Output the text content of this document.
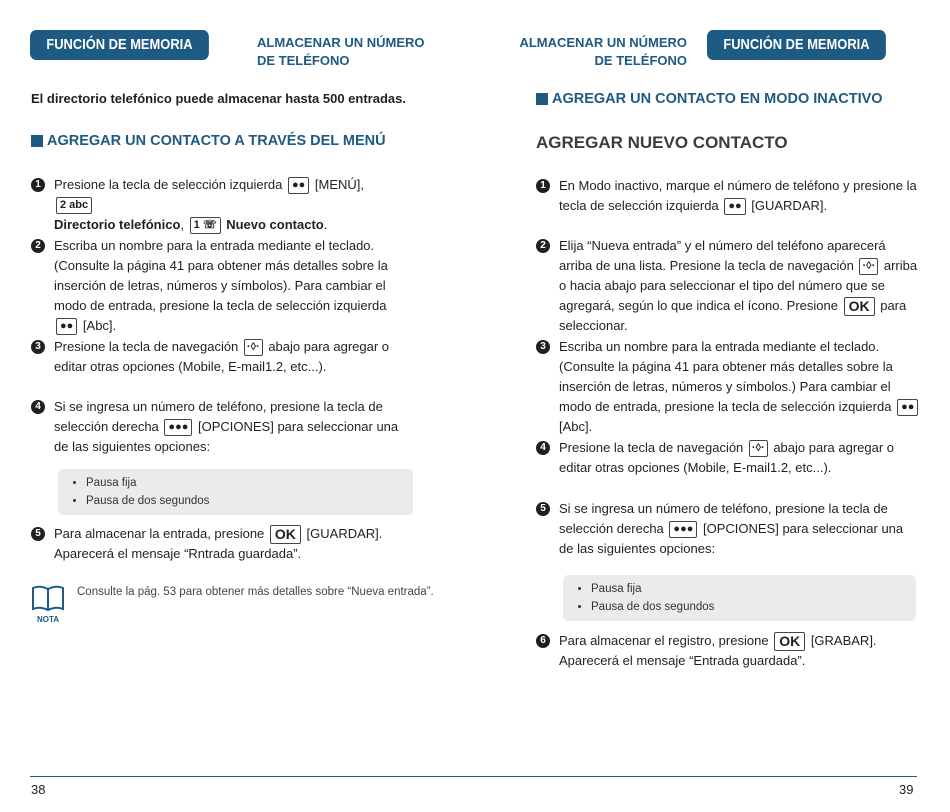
FUNCIÓN DE MEMORIA	ALMACENAR UN NÚMERO
DE TELÉFONO
El directorio telefónico puede almacenar hasta 500 entradas.
AGREGAR UN CONTACTO A TRAVÉS DEL MENÚ
1	Presione la tecla de selección izquierda ●● [MENÚ], 2 abc
Directorio telefónico, 1 ☏ Nuevo contacto.
2	Escriba un nombre para la entrada mediante el teclado. (Consulte la página 41 para obtener más detalles sobre la inserción de letras, números y símbolos). Para cambiar el modo de entrada, presione la tecla de selección izquierda ●● [Abc].
3	Presione la tecla de navegación ·◊· abajo para agregar o editar otras opciones (Mobile, E-mail1.2, etc...).
4	Si se ingresa un número de teléfono, presione la tecla de selección derecha ●●● [OPCIONES] para seleccionar una de las siguientes opciones:
• Pausa fija
• Pausa de dos segundos
5	Para almacenar la entrada, presione OK [GUARDAR].
Aparecerá el mensaje “Rntrada guardada”.
NOTA
Consulte la pág. 53 para obtener más detalles sobre “Nueva entrada”.
38
ALMACENAR UN NÚMERO
DE TELÉFONO
FUNCIÓN DE MEMORIA
AGREGAR UN CONTACTO EN MODO INACTIVO
AGREGAR NUEVO CONTACTO
1	En Modo inactivo, marque el número de teléfono y presione la tecla de selección izquierda ●● [GUARDAR].
2	Elija “Nueva entrada” y el número del teléfono aparecerá arriba de una lista. Presione la tecla de navegación ·◊· arriba o hacia abajo para seleccionar el tipo del número que se agregará, según lo que indica el ícono. Presione OK para seleccionar.
3	Escriba un nombre para la entrada mediante el teclado. (Consulte la página 41 para obtener más detalles sobre la inserción de letras, números y símbolos.) Para cambiar el modo de entrada, presione la tecla de selección izquierda ●● [Abc].
4	Presione la tecla de navegación ·◊· abajo para agregar o editar otras opciones (Mobile, E-mail1.2, etc...).
5	Si se ingresa un número de teléfono, presione la tecla de selección derecha ●●● [OPCIONES] para seleccionar una de las siguientes opciones:
• Pausa fija
• Pausa de dos segundos
6	Para almacenar el registro, presione OK [GRABAR].
Aparecerá el mensaje “Entrada guardada”.
39
